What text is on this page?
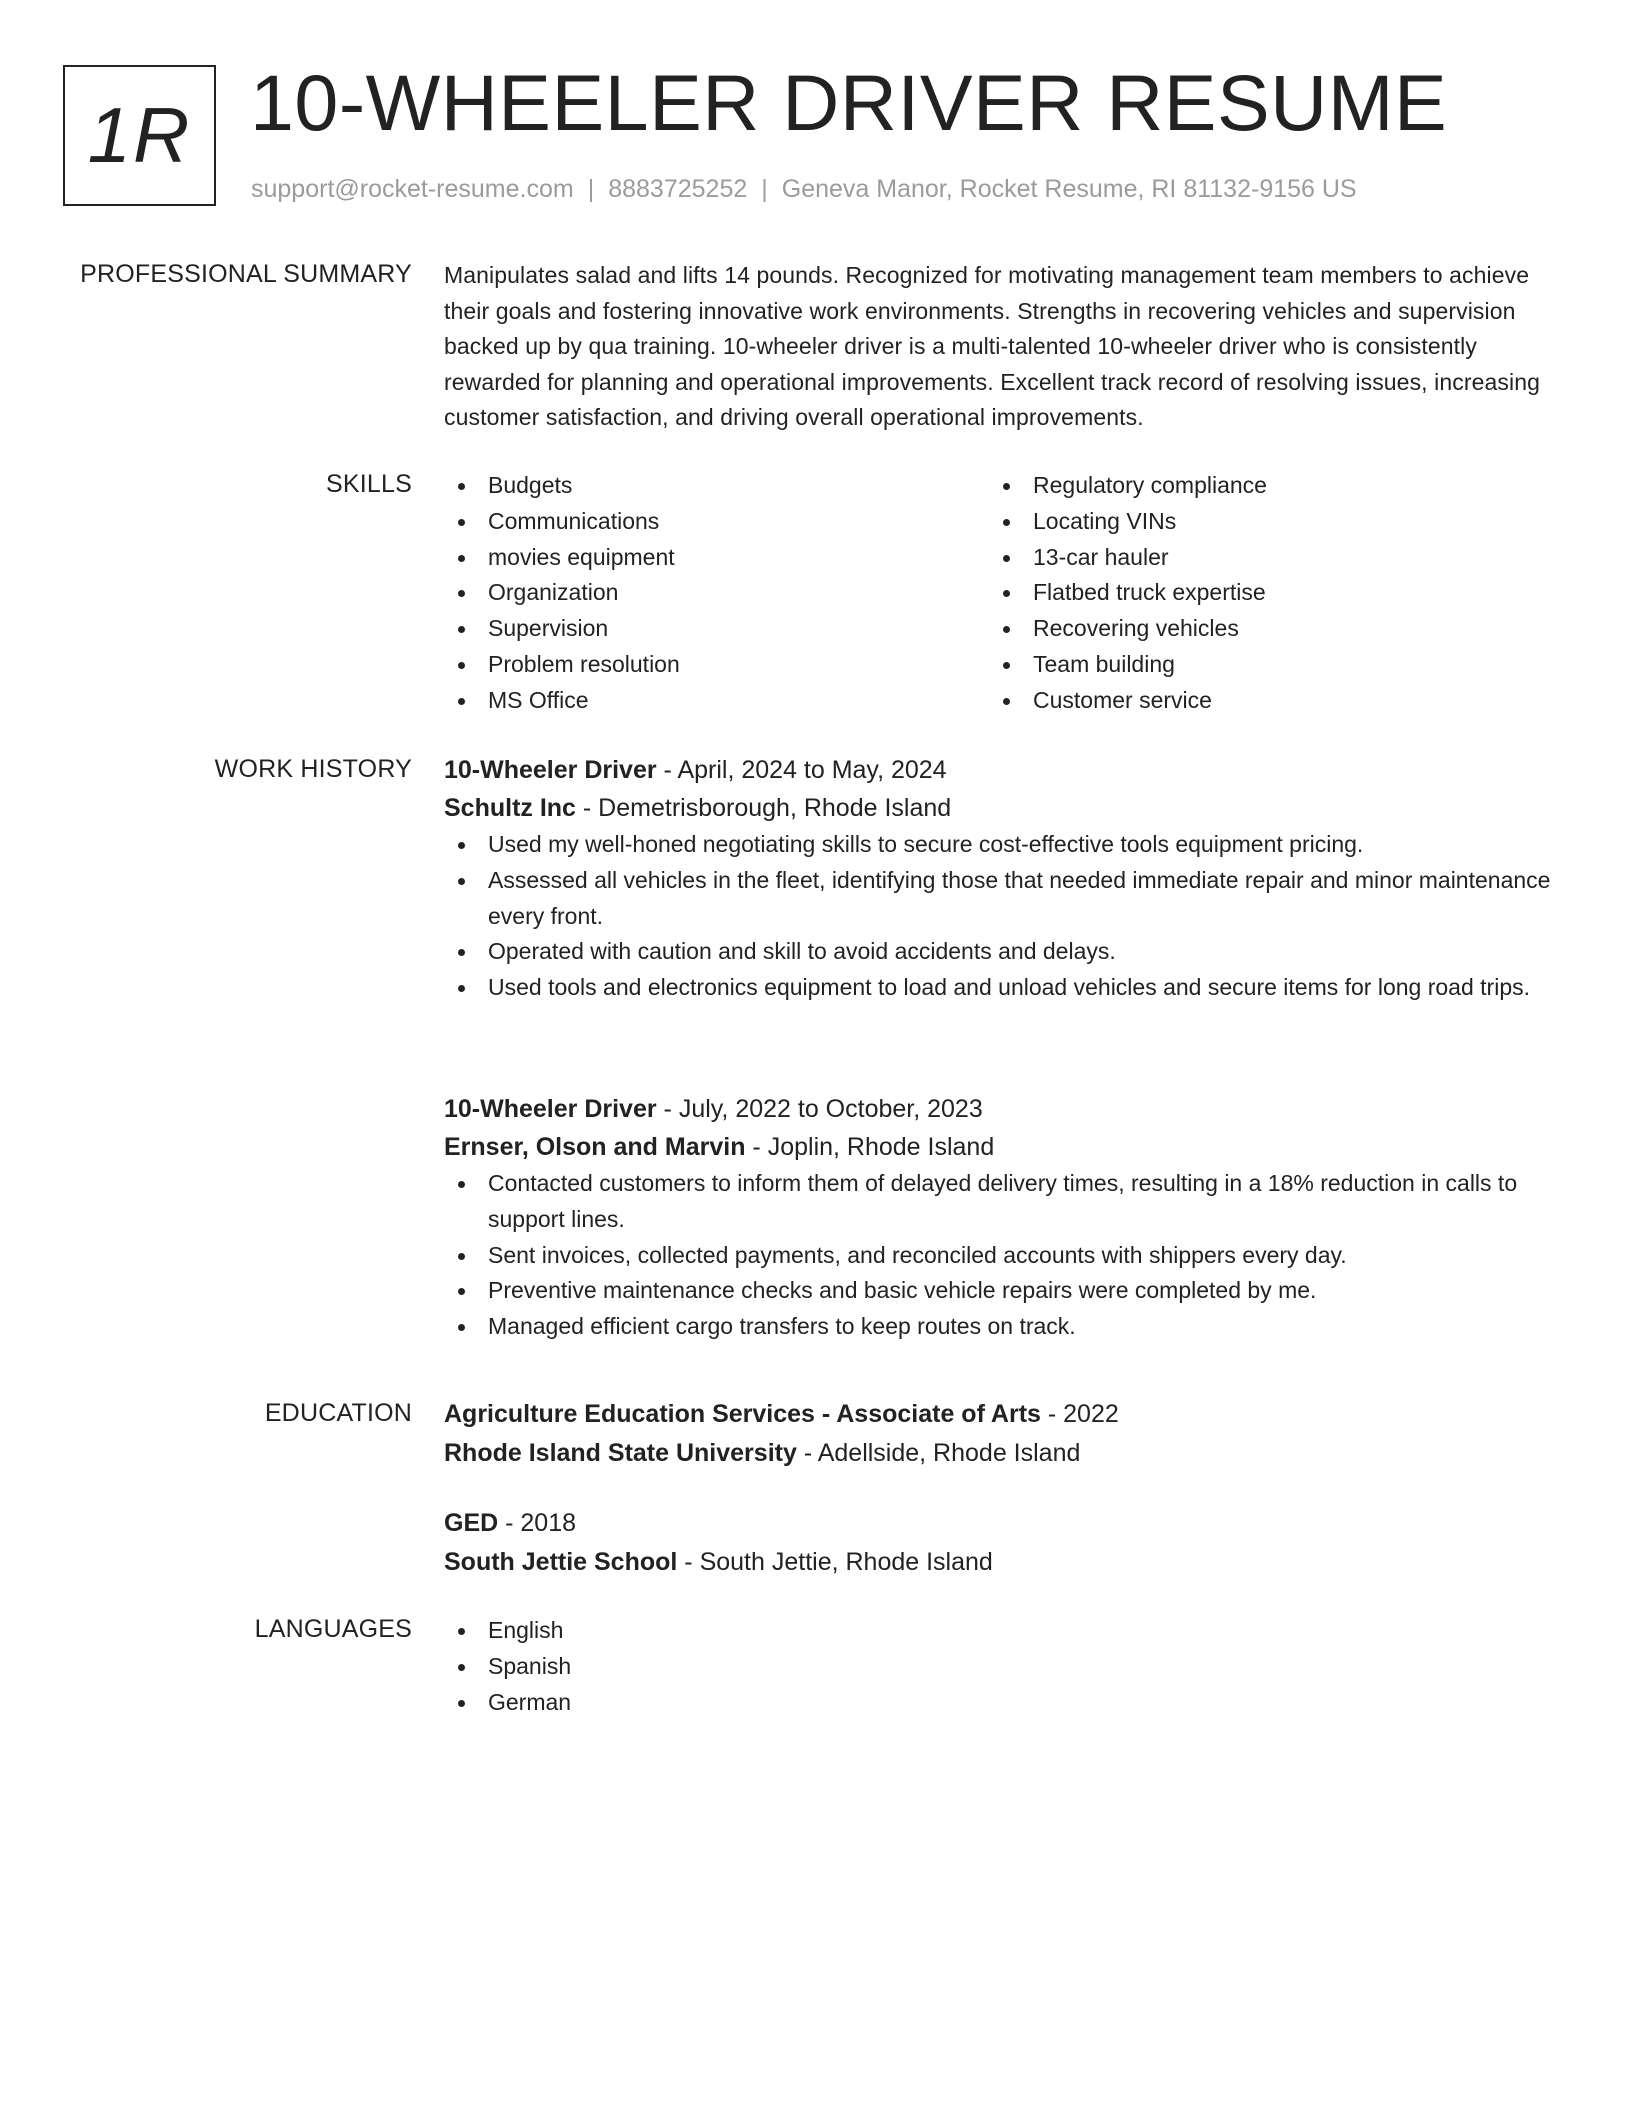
1R 10-WHEELER DRIVER RESUME
support@rocket-resume.com | 8883725252 | Geneva Manor, Rocket Resume, RI 81132-9156 US
PROFESSIONAL SUMMARY Manipulates salad and lifts 14 pounds. Recognized for motivating management team members to achieve their goals and fostering innovative work environments. Strengths in recovering vehicles and supervision backed up by qua training. 10-wheeler driver is a multi-talented 10-wheeler driver who is consistently rewarded for planning and operational improvements. Excellent track record of resolving issues, increasing customer satisfaction, and driving overall operational improvements.

SKILLS	Budgets
Communications
movies equipment
Organization
Supervision
Problem resolution
MS Office
Regulatory compliance
Locating VINs
13-car hauler
Flatbed truck expertise
Recovering vehicles
Team building
Customer service
WORK HISTORY 10-Wheeler Driver - April, 2024 to May, 2024
Schultz Inc - Demetrisborough, Rhode Island
Used my well-honed negotiating skills to secure cost-effective tools equipment pricing.
Assessed all vehicles in the fleet, identifying those that needed immediate repair and minor maintenance every front.
Operated with caution and skill to avoid accidents and delays.
Used tools and electronics equipment to load and unload vehicles and secure items for long road trips.
10-Wheeler Driver - July, 2022 to October, 2023
Ernser, Olson and Marvin - Joplin, Rhode Island
Contacted customers to inform them of delayed delivery times, resulting in a 18% reduction in calls to support lines.
Sent invoices, collected payments, and reconciled accounts with shippers every day.
Preventive maintenance checks and basic vehicle repairs were completed by me.
Managed efficient cargo transfers to keep routes on track.
EDUCATION Agriculture Education Services - Associate of Arts - 2022
Rhode Island State University - Adellside, Rhode Island
GED - 2018
South Jettie School - South Jettie, Rhode Island
LANGUAGES	English
Spanish
German
